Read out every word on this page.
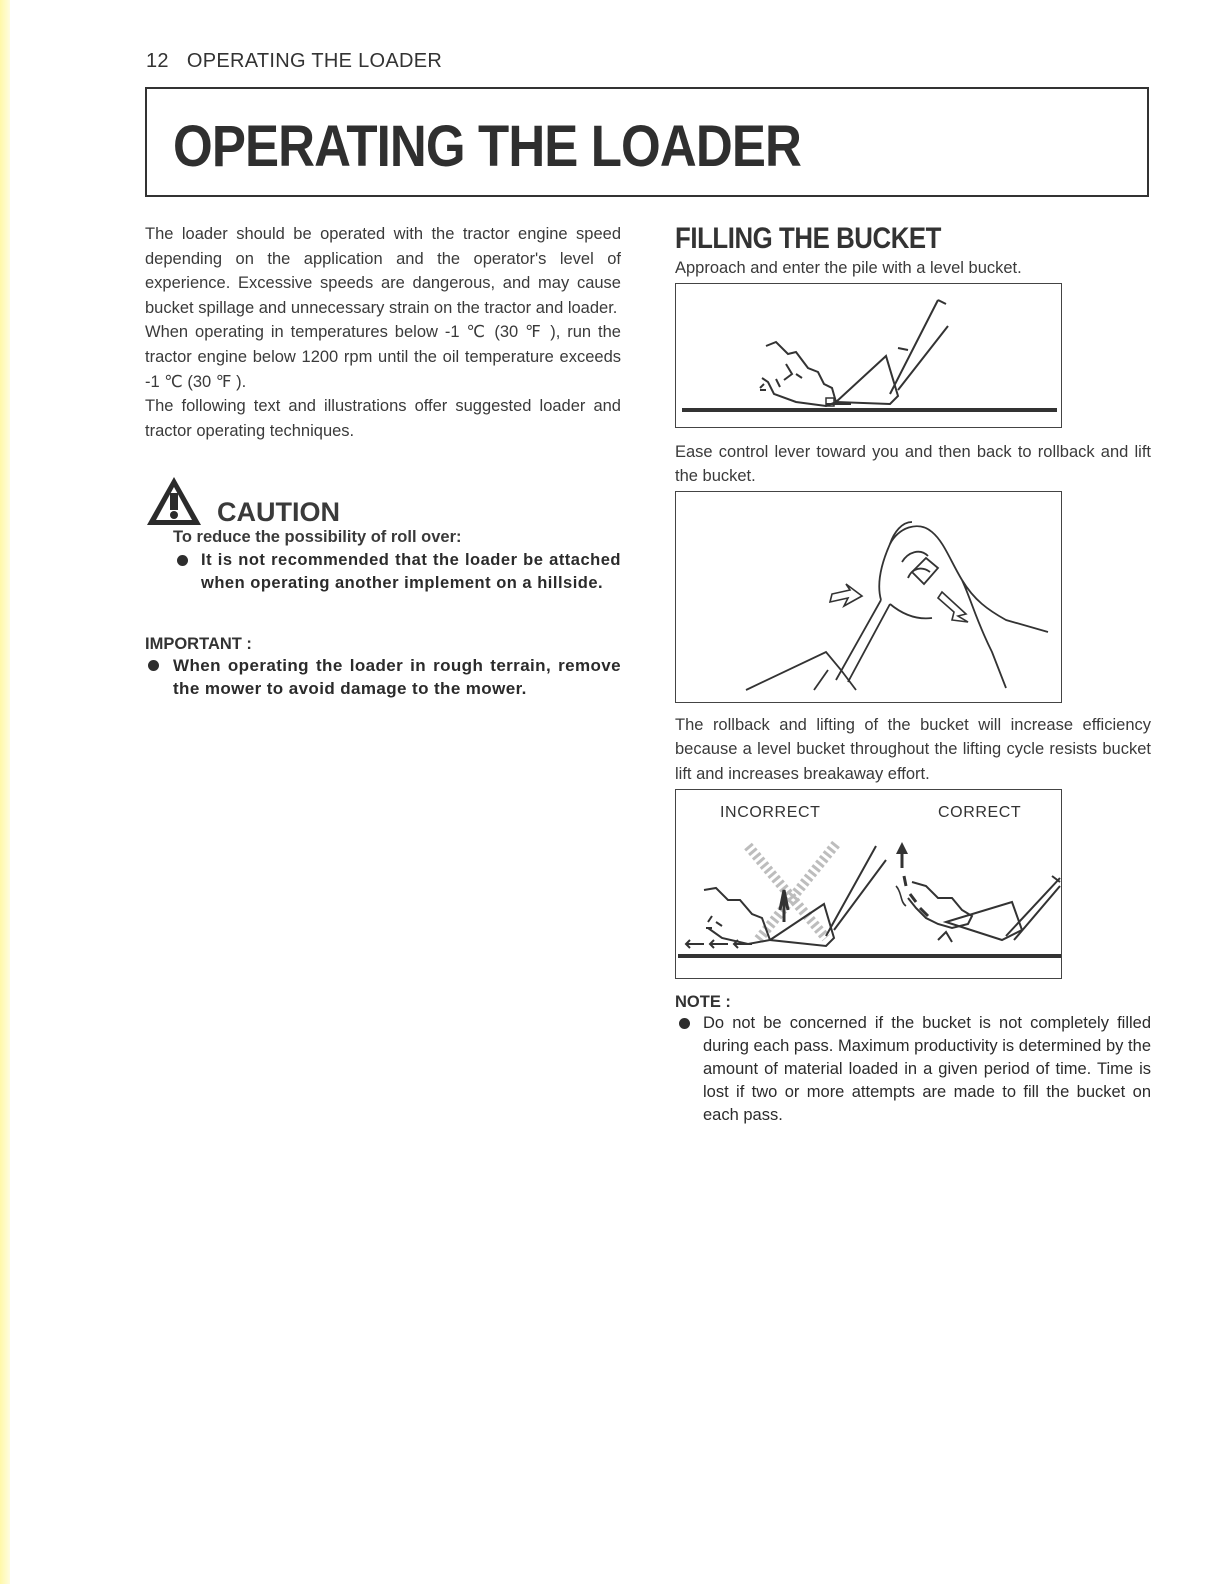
12 OPERATING THE LOADER
OPERATING THE LOADER

The loader should be operated with the tractor engine speed depending on the application and the operator's level of experience. Excessive speeds are dangerous, and may cause bucket spillage and unnecessary strain on the tractor and loader.

When operating in temperatures below -1 ℃ (30 ℉ ), run the tractor engine below 1200 rpm until the oil temperature exceeds -1 ℃ (30 ℉ ).

The following text and illustrations offer suggested loader and tractor operating techniques.

CAUTION
To reduce the possibility of roll over:
It is not recommended that the loader be attached when operating another implement on a hillside.
IMPORTANT :
When operating the loader in rough terrain, remove the mower to avoid damage to the mower.
FILLING THE BUCKET

Approach and enter the pile with a level bucket.

Ease control lever toward you and then back to rollback and lift the bucket.

The rollback and lifting of the bucket will increase efficiency because a level bucket throughout the lifting cycle resists bucket lift and increases breakaway effort.

INCORRECT	CORRECT
NOTE :
Do not be concerned if the bucket is not completely filled during each pass. Maximum productivity is determined by the amount of material loaded in a given period of time. Time is lost if two or more attempts are made to fill the bucket on each pass.
